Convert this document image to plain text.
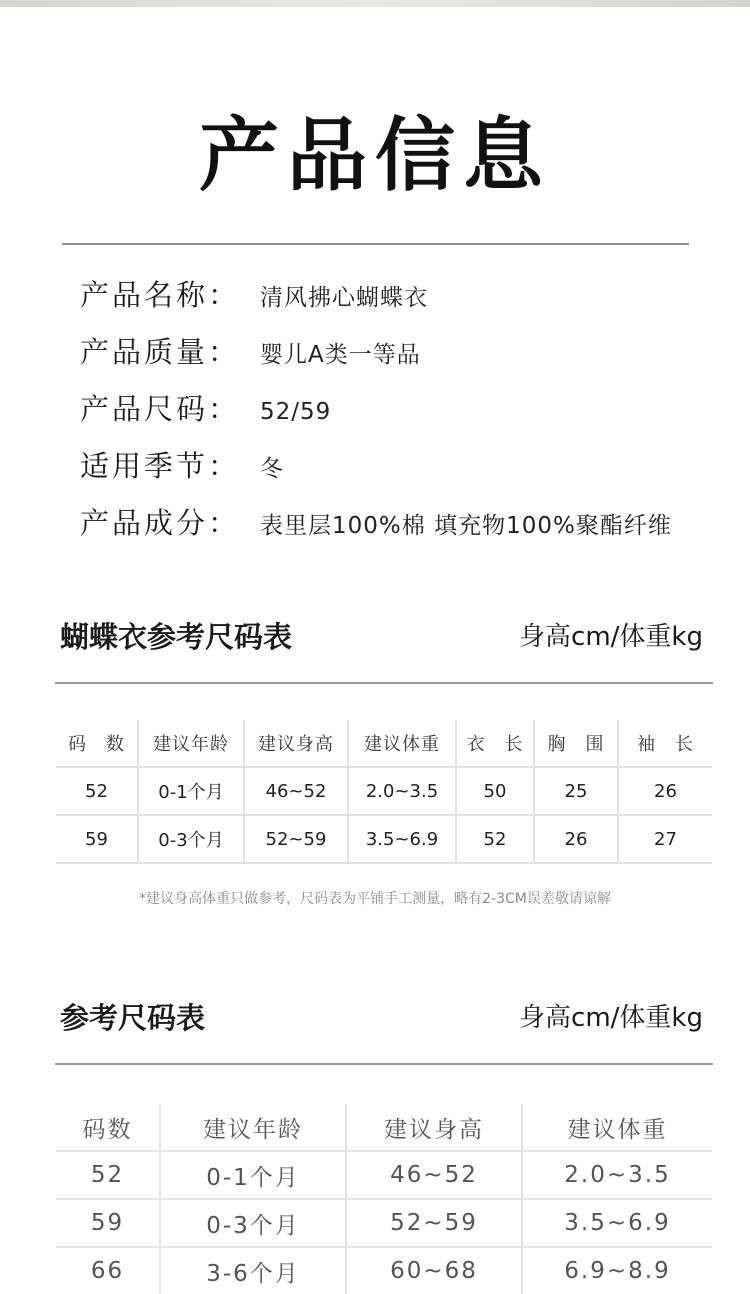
产品信息
产品名称： 清风拂心蝴蝶衣
产品质量： 婴儿A类一等品
产品尺码： 52/59
适用季节： 冬
产品成分： 表里层100%棉 填充物100%聚酯纤维
蝴蝶衣参考尺码表	身高cm/体重kg
码　数	建议年龄	建议身高	建议体重	衣　长	胸　围	袖　长
52	0-1个月	46~52	2.0~3.5	50	25	26
59	0-3个月	52~59	3.5~6.9	52	26	27
*建议身高体重只做参考，尺码表为平铺手工测量，略有2-3CM误差敬请谅解
参考尺码表	身高cm/体重kg
码数	建议年龄	建议身高	建议体重
52	0-1个月	46~52	2.0~3.5
59	0-3个月	52~59	3.5~6.9
66	3-6个月	60~68	6.9~8.9
